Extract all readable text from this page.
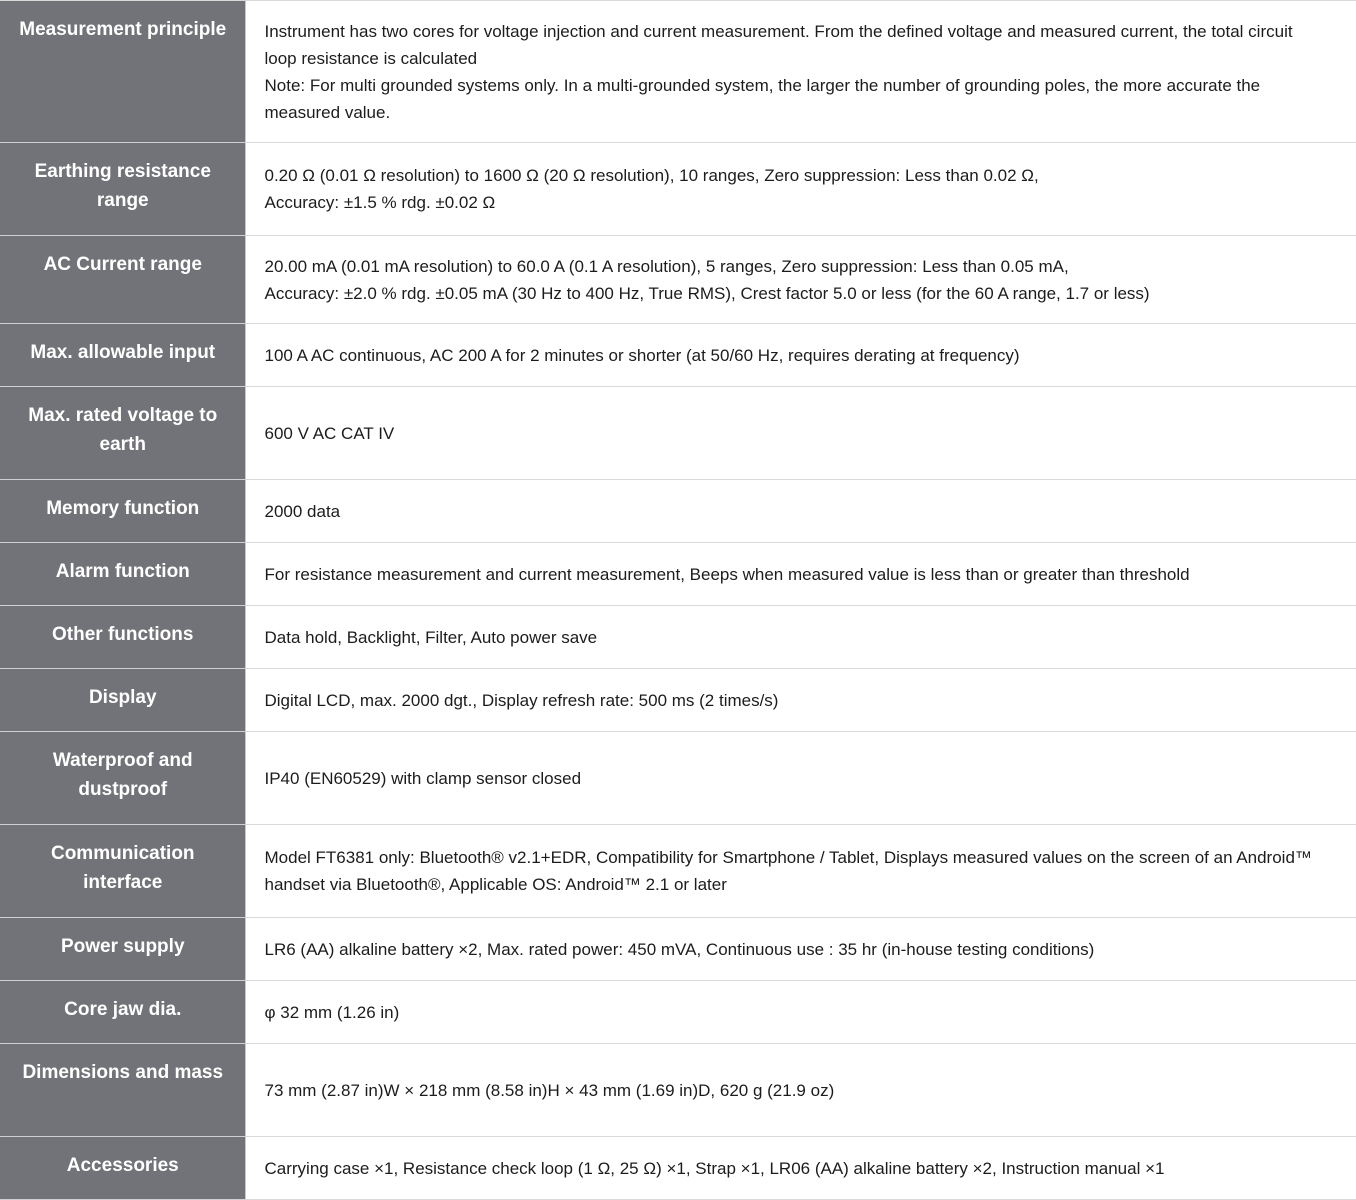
Measurement principle	Instrument has two cores for voltage injection and current measurement. From the defined voltage and measured current, the total circuit loop resistance is calculated

Note: For multi grounded systems only. In a multi-grounded system, the larger the number of grounding poles, the more accurate the measured value.

Earthing resistance range	0.20 Ω (0.01 Ω resolution) to 1600 Ω (20 Ω resolution), 10 ranges, Zero suppression: Less than 0.02 Ω,

Accuracy: ±1.5 % rdg. ±0.02 Ω

AC Current range	20.00 mA (0.01 mA resolution) to 60.0 A (0.1 A resolution), 5 ranges, Zero suppression: Less than 0.05 mA,

Accuracy: ±2.0 % rdg. ±0.05 mA (30 Hz to 400 Hz, True RMS), Crest factor 5.0 or less (for the 60 A range, 1.7 or less)

Max. allowable input	100 A AC continuous, AC 200 A for 2 minutes or shorter (at 50/60 Hz, requires derating at frequency)

Max. rated voltage to earth	600 V AC CAT IV

Memory function	2000 data

Alarm function	For resistance measurement and current measurement, Beeps when measured value is less than or greater than threshold

Other functions	Data hold, Backlight, Filter, Auto power save

Display	Digital LCD, max. 2000 dgt., Display refresh rate: 500 ms (2 times/s)

Waterproof and dustproof	IP40 (EN60529) with clamp sensor closed

Communication interface	Model FT6381 only: Bluetooth® v2.1+EDR, Compatibility for Smartphone / Tablet, Displays measured values on the screen of an Android™ handset via Bluetooth®, Applicable OS: Android™ 2.1 or later

Power supply	LR6 (AA) alkaline battery ×2, Max. rated power: 450 mVA, Continuous use : 35 hr (in-house testing conditions)

Core jaw dia.	φ 32 mm (1.26 in)

Dimensions and mass	73 mm (2.87 in)W × 218 mm (8.58 in)H × 43 mm (1.69 in)D, 620 g (21.9 oz)

Accessories	Carrying case ×1, Resistance check loop (1 Ω, 25 Ω) ×1, Strap ×1, LR06 (AA) alkaline battery ×2, Instruction manual ×1
